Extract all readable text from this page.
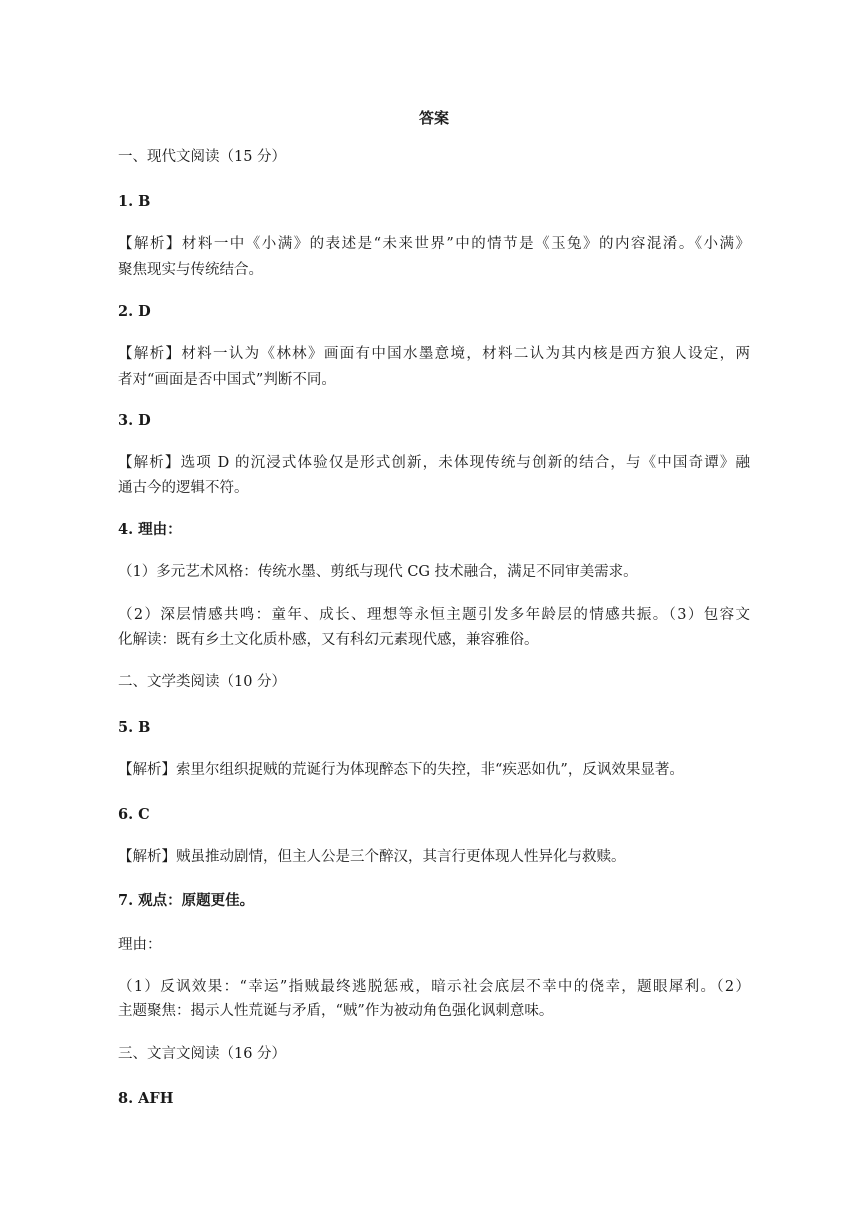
答案
一、现代文阅读（15 分）
1. B
【解析】材料一中《小满》的表述是“未来世界”中的情节是《玉兔》的内容混淆。《小满》
聚焦现实与传统结合。
2. D
【解析】材料一认为《林林》画面有中国水墨意境，材料二认为其内核是西方狼人设定，两
者对“画面是否中国式”判断不同。
3. D
【解析】选项 D 的沉浸式体验仅是形式创新，未体现传统与创新的结合，与《中国奇谭》融
通古今的逻辑不符。
4. 理由：
（1）多元艺术风格：传统水墨、剪纸与现代 CG 技术融合，满足不同审美需求。
（2）深层情感共鸣：童年、成长、理想等永恒主题引发多年龄层的情感共振。（3）包容文
化解读：既有乡土文化质朴感，又有科幻元素现代感，兼容雅俗。
二、文学类阅读（10 分）
5. B
【解析】索里尔组织捉贼的荒诞行为体现醉态下的失控，非“疾恶如仇”，反讽效果显著。
6. C
【解析】贼虽推动剧情，但主人公是三个醉汉，其言行更体现人性异化与救赎。
7. 观点：原题更佳。
理由：
（1）反讽效果：“幸运”指贼最终逃脱惩戒，暗示社会底层不幸中的侥幸，题眼犀利。（2）
主题聚焦：揭示人性荒诞与矛盾，“贼”作为被动角色强化讽刺意味。
三、文言文阅读（16 分）
8. AFH
